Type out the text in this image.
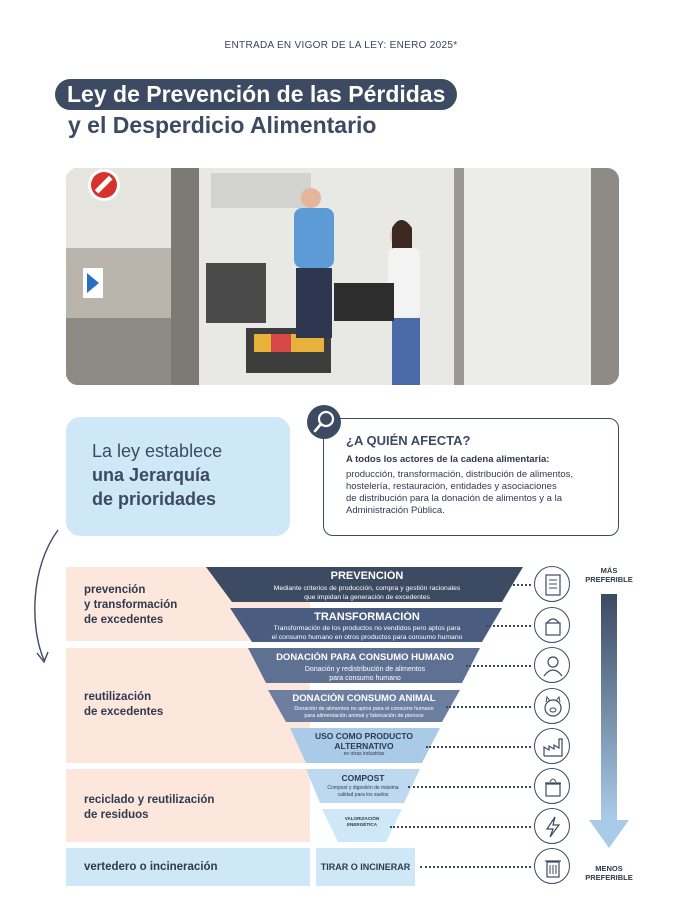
ENTRADA EN VIGOR DE LA LEY: ENERO 2025*
Ley de Prevención de las Pérdidas
y el Desperdicio Alimentario
La ley establece
una Jerarquía
de prioridades
¿A QUIÉN AFECTA?
A todos los actores de la cadena alimentaria:

producción, transformación, distribución de alimentos,

hostelería, restauración, entidades y asociaciones

de distribución para la donación de alimentos y a la

Administración Pública.

prevención
y transformación
de excedentes
reutilización
de excedentes
reciclado y reutilización
de residuos
vertedero o incineración
PREVENCIÓN
Mediante criterios de producción, compra y gestión racionales
que impidan la generación de excedentes
TRANSFORMACIÓN
Transformación de los productos no vendidos pero aptos para
el consumo humano en otros productos para consumo humano
DONACIÓN PARA CONSUMO HUMANO
Donación y redistribución de alimentos
para consumo humano
DONACIÓN CONSUMO ANIMAL
Donación de alimentos no aptos para el consumo humano
para alimentación animal y fabricación de piensos
USO COMO PRODUCTO
ALTERNATIVO
en otras industrias
COMPOST
Compost y digestión de máxima
calidad para los suelos
VALORIZACIÓN
ENERGÉTICA
TIRAR O INCINERAR
MÁS
PREFERIBLE
MENOS
PREFERIBLE
